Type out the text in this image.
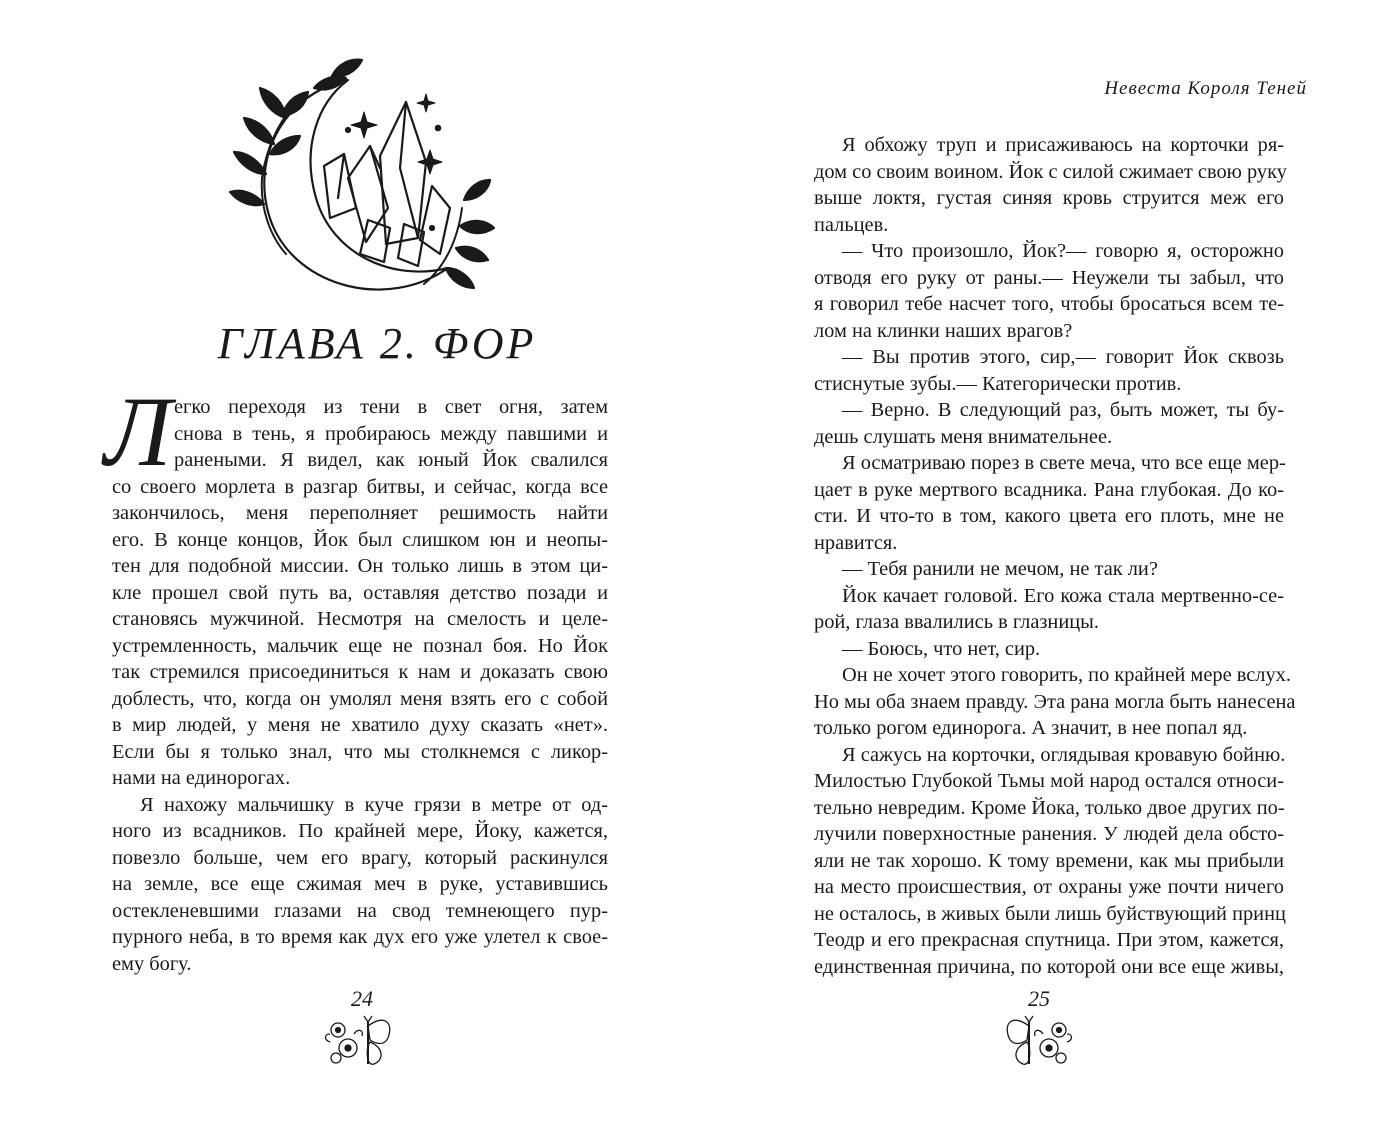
ГЛАВА 2. ФОР
Л егко переходя из тени в свет огня, затем
снова в тень, я пробираюсь между павшими и
ранеными. Я видел, как юный Йок свалился
со своего морлета в разгар битвы, и сейчас, когда все
закончилось, меня переполняет решимость найти
его. В конце концов, Йок был слишком юн и неопы-
тен для подобной миссии. Он только лишь в этом ци-
кле прошел свой путь ва, оставляя детство позади и
становясь мужчиной. Несмотря на смелость и целе-
устремленность, мальчик еще не познал боя. Но Йок
так стремился присоединиться к нам и доказать свою
доблесть, что, когда он умолял меня взять его с собой
в мир людей, у меня не хватило духу сказать «нет».
Если бы я только знал, что мы столкнемся с ликор-
нами на единорогах.
Я нахожу мальчишку в куче грязи в метре от од-
ного из всадников. По крайней мере, Йоку, кажется,
повезло больше, чем его врагу, который раскинулся
на земле, все еще сжимая меч в руке, уставившись
остекленевшими глазами на свод темнеющего пур-
пурного неба, в то время как дух его уже улетел к свое-
ему богу.
24
Невеста Короля Теней
Я обхожу труп и присаживаюсь на корточки ря-
дом со своим воином. Йок с силой сжимает свою руку
выше локтя, густая синяя кровь струится меж его
пальцев.
— Что произошло, Йок?— говорю я, осторожно
отводя его руку от раны.— Неужели ты забыл, что
я говорил тебе насчет того, чтобы бросаться всем те-
лом на клинки наших врагов?
— Вы против этого, сир,— говорит Йок сквозь
стиснутые зубы.— Категорически против.
— Верно. В следующий раз, быть может, ты бу-
дешь слушать меня внимательнее.
Я осматриваю порез в свете меча, что все еще мер-
цает в руке мертвого всадника. Рана глубокая. До ко-
сти. И что-то в том, какого цвета его плоть, мне не
нравится.
— Тебя ранили не мечом, не так ли?
Йок качает головой. Его кожа стала мертвенно-се-
рой, глаза ввалились в глазницы.
— Боюсь, что нет, сир.
Он не хочет этого говорить, по крайней мере вслух.
Но мы оба знаем правду. Эта рана могла быть нанесена
только рогом единорога. А значит, в нее попал яд.
Я сажусь на корточки, оглядывая кровавую бойню.
Милостью Глубокой Тьмы мой народ остался относи-
тельно невредим. Кроме Йока, только двое других по-
лучили поверхностные ранения. У людей дела обсто-
яли не так хорошо. К тому времени, как мы прибыли
на место происшествия, от охраны уже почти ничего
не осталось, в живых были лишь буйствующий принц
Теодр и его прекрасная спутница. При этом, кажется,
единственная причина, по которой они все еще живы,
25
